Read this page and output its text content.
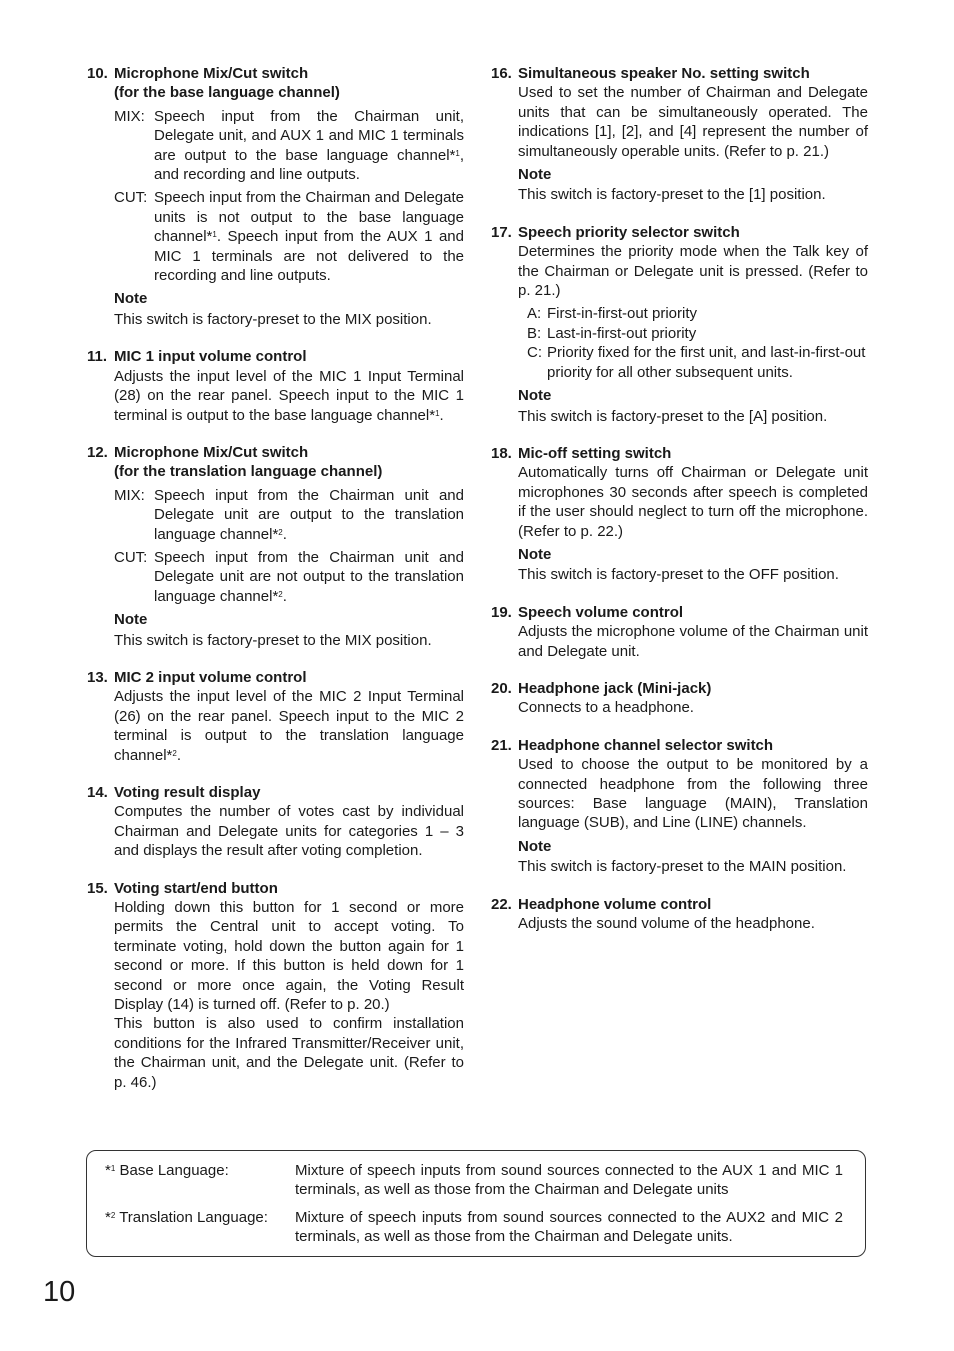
10. Microphone Mix/Cut switch
(for the base language channel)
MIX: Speech input from the Chairman unit, Delegate unit, and AUX 1 and MIC 1 terminals are output to the base language channel*$^1$, and recording and line outputs.
CUT: Speech input from the Chairman and Delegate units is not output to the base language channel*$^1$. Speech input from the AUX 1 and MIC 1 terminals are not delivered to the recording and line outputs.
Note
This switch is factory-preset to the MIX position.
11. MIC 1 input volume control
Adjusts the input level of the MIC 1 Input Terminal (28) on the rear panel. Speech input to the MIC 1 terminal is output to the base language channel*$^1$.
12. Microphone Mix/Cut switch
(for the translation language channel)
MIX: Speech input from the Chairman unit and Delegate unit are output to the translation language channel*$^2$.
CUT: Speech input from the Chairman unit and Delegate unit are not output to the translation language channel*$^2$.
Note
This switch is factory-preset to the MIX position.
13. MIC 2 input volume control
Adjusts the input level of the MIC 2 Input Terminal (26) on the rear panel. Speech input to the MIC 2 terminal is output to the translation language channel*$^2$.
14. Voting result display
Computes the number of votes cast by individual Chairman and Delegate units for categories 1 – 3 and displays the result after voting completion.
15. Voting start/end button
Holding down this button for 1 second or more permits the Central unit to accept voting. To terminate voting, hold down the button again for 1 second or more. If this button is held down for 1 second or more once again, the Voting Result Display (14) is turned off. (Refer to p. 20.)
This button is also used to confirm installation conditions for the Infrared Transmitter/Receiver unit, the Chairman unit, and the Delegate unit. (Refer to p. 46.)
16. Simultaneous speaker No. setting switch
Used to set the number of Chairman and Delegate units that can be simultaneously operated. The indications [1], [2], and [4] represent the number of simultaneously operable units. (Refer to p. 21.)
Note
This switch is factory-preset to the [1] position.
17. Speech priority selector switch
Determines the priority mode when the Talk key of the Chairman or Delegate unit is pressed. (Refer to p. 21.)
A: First-in-first-out priority
B: Last-in-first-out priority
C: Priority fixed for the first unit, and last-in-first-out priority for all other subsequent units.
Note
This switch is factory-preset to the [A] position.
18. Mic-off setting switch
Automatically turns off Chairman or Delegate unit microphones 30 seconds after speech is completed if the user should neglect to turn off the microphone. (Refer to p. 22.)
Note
This switch is factory-preset to the OFF position.
19. Speech volume control
Adjusts the microphone volume of the Chairman unit and Delegate unit.
20. Headphone jack (Mini-jack)
Connects to a headphone.
21. Headphone channel selector switch
Used to choose the output to be monitored by a connected headphone from the following three sources: Base language (MAIN), Translation language (SUB), and Line (LINE) channels.
Note
This switch is factory-preset to the MAIN position.
22. Headphone volume control
Adjusts the sound volume of the headphone.
*$^1$ Base Language:	Mixture of speech inputs from sound sources connected to the AUX 1 and MIC 1 terminals, as well as those from the Chairman and Delegate units
*$^2$ Translation Language:	Mixture of speech inputs from sound sources connected to the AUX2 and MIC 2 terminals, as well as those from the Chairman and Delegate units.
10
